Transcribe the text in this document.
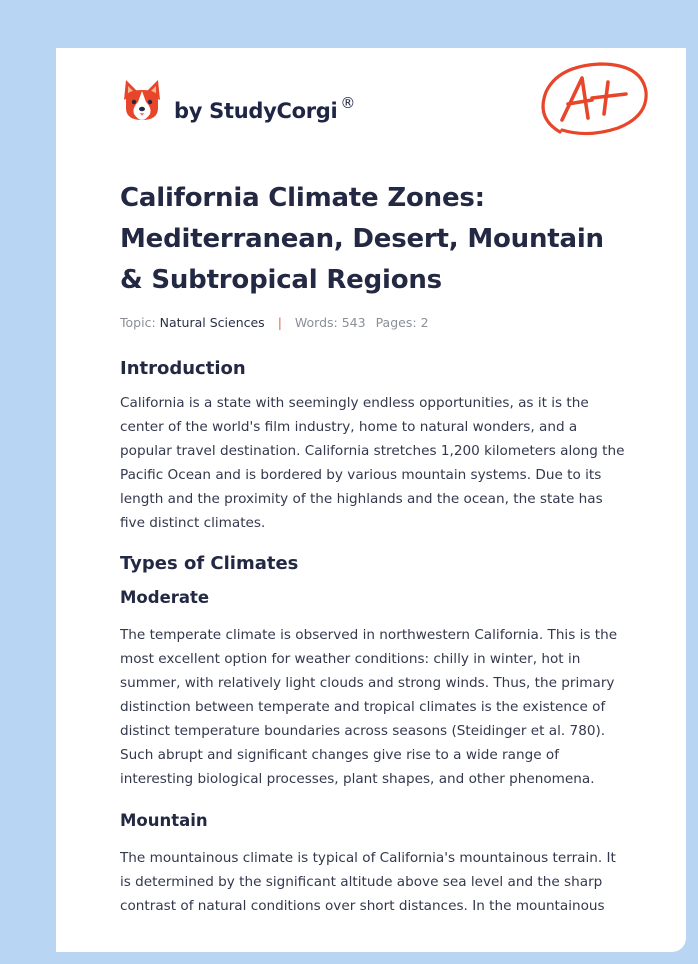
by StudyCorgi ®
California Climate Zones: Mediterranean, Desert, Mountain & Subtropical Regions
Topic: Natural Sciences | Words: 543 Pages: 2
Introduction

California is a state with seemingly endless opportunities, as it is the center of the world's film industry, home to natural wonders, and a popular travel destination. California stretches 1,200 kilometers along the Pacific Ocean and is bordered by various mountain systems. Due to its length and the proximity of the highlands and the ocean, the state has five distinct climates.

Types of Climates
Moderate

The temperate climate is observed in northwestern California. This is the most excellent option for weather conditions: chilly in winter, hot in summer, with relatively light clouds and strong winds. Thus, the primary distinction between temperate and tropical climates is the existence of distinct temperature boundaries across seasons (Steidinger et al. 780). Such abrupt and significant changes give rise to a wide range of interesting biological processes, plant shapes, and other phenomena.

Mountain

The mountainous climate is typical of California's mountainous terrain. It is determined by the significant altitude above sea level and the sharp contrast of natural conditions over short distances. In the mountainous
